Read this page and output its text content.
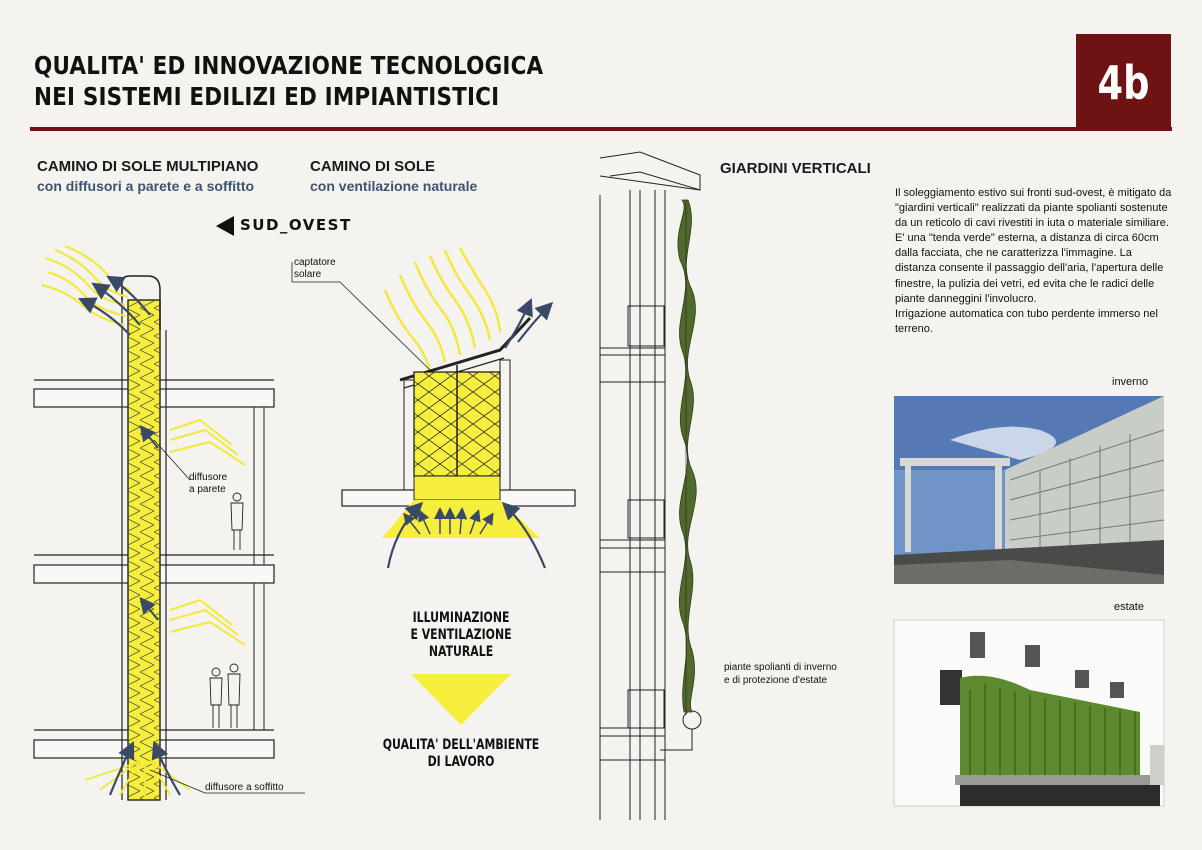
QUALITA' ED INNOVAZIONE TECNOLOGICA
NEI SISTEMI EDILIZI ED IMPIANTISTICI	4b
CAMINO DI SOLE MULTIPIANO
con diffusori a parete e a soffitto
SUD_OVEST
diffusore
a parete
diffusore a soffitto
CAMINO DI SOLE
con ventilazione naturale
captatore
solare
ILLUMINAZIONE
E VENTILAZIONE
NATURALE
QUALITA' DELL'AMBIENTE
DI LAVORO
GIARDINI VERTICALI
piante spolianti di inverno
e di protezione d'estate

Il soleggiamento estivo sui fronti sud-ovest, è mitigato da "giardini verticali" realizzati da piante spolianti sostenute da un reticolo di cavi rivestiti in iuta o materiale similiare.

E' una "tenda verde" esterna, a distanza di circa 60cm dalla facciata, che ne caratterizza l'immagine. La distanza consente il passaggio dell'aria, l'apertura delle finestre, la pulizia dei vetri, ed evita che le radici delle piante danneggini l'involucro.

Irrigazione automatica con tubo perdente immerso nel terreno.

inverno
estate
